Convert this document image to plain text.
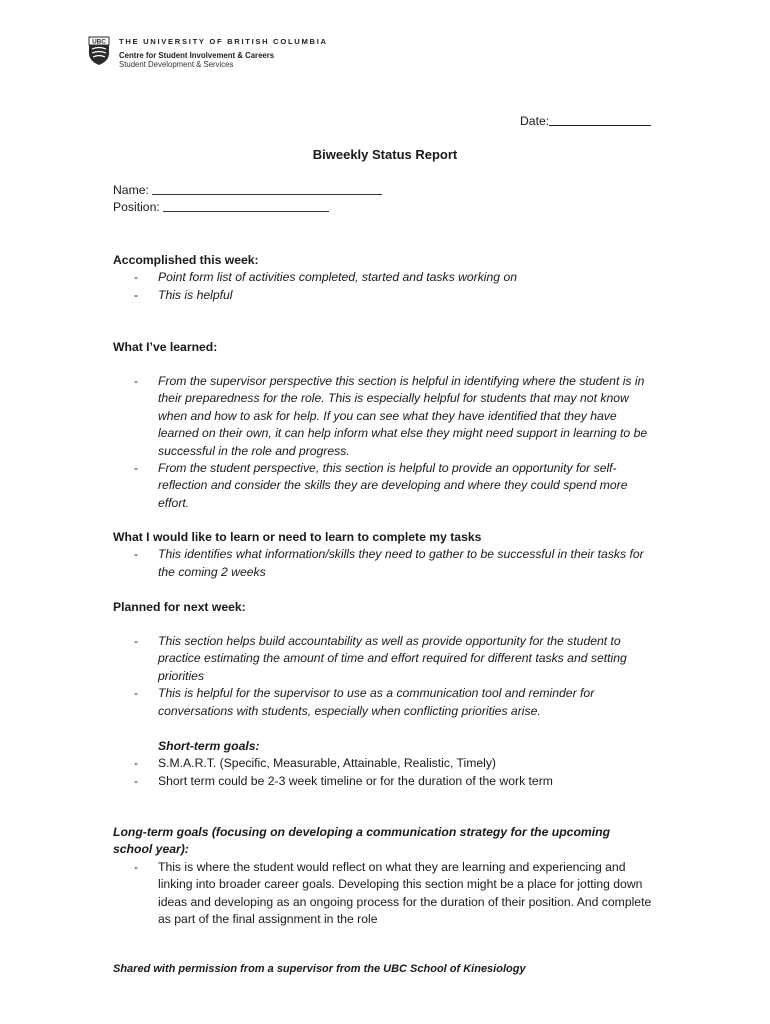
UBC THE UNIVERSITY OF BRITISH COLUMBIA
Centre for Student Involvement & Careers
Student Development & Services
Date:
Biweekly Status Report
Name:
Position:
Accomplished this week:
- Point form list of activities completed, started and tasks working on
- This is helpful
What I’ve learned:
- From the supervisor perspective this section is helpful in identifying where the student is in their preparedness for the role. This is especially helpful for students that may not know when and how to ask for help. If you can see what they have identified that they have learned on their own, it can help inform what else they might need support in learning to be successful in the role and progress.
- From the student perspective, this section is helpful to provide an opportunity for self-reflection and consider the skills they are developing and where they could spend more effort.
What I would like to learn or need to learn to complete my tasks
- This identifies what information/skills they need to gather to be successful in their tasks for the coming 2 weeks
Planned for next week:
- This section helps build accountability as well as provide opportunity for the student to practice estimating the amount of time and effort required for different tasks and setting priorities
- This is helpful for the supervisor to use as a communication tool and reminder for conversations with students, especially when conflicting priorities arise.
Short-term goals:
- S.M.A.R.T. (Specific, Measurable, Attainable, Realistic, Timely)
- Short term could be 2-3 week timeline or for the duration of the work term
Long-term goals (focusing on developing a communication strategy for the upcoming school year):
- This is where the student would reflect on what they are learning and experiencing and linking into broader career goals. Developing this section might be a place for jotting down ideas and developing as an ongoing process for the duration of their position. And complete as part of the final assignment in the role
Shared with permission from a supervisor from the UBC School of Kinesiology
